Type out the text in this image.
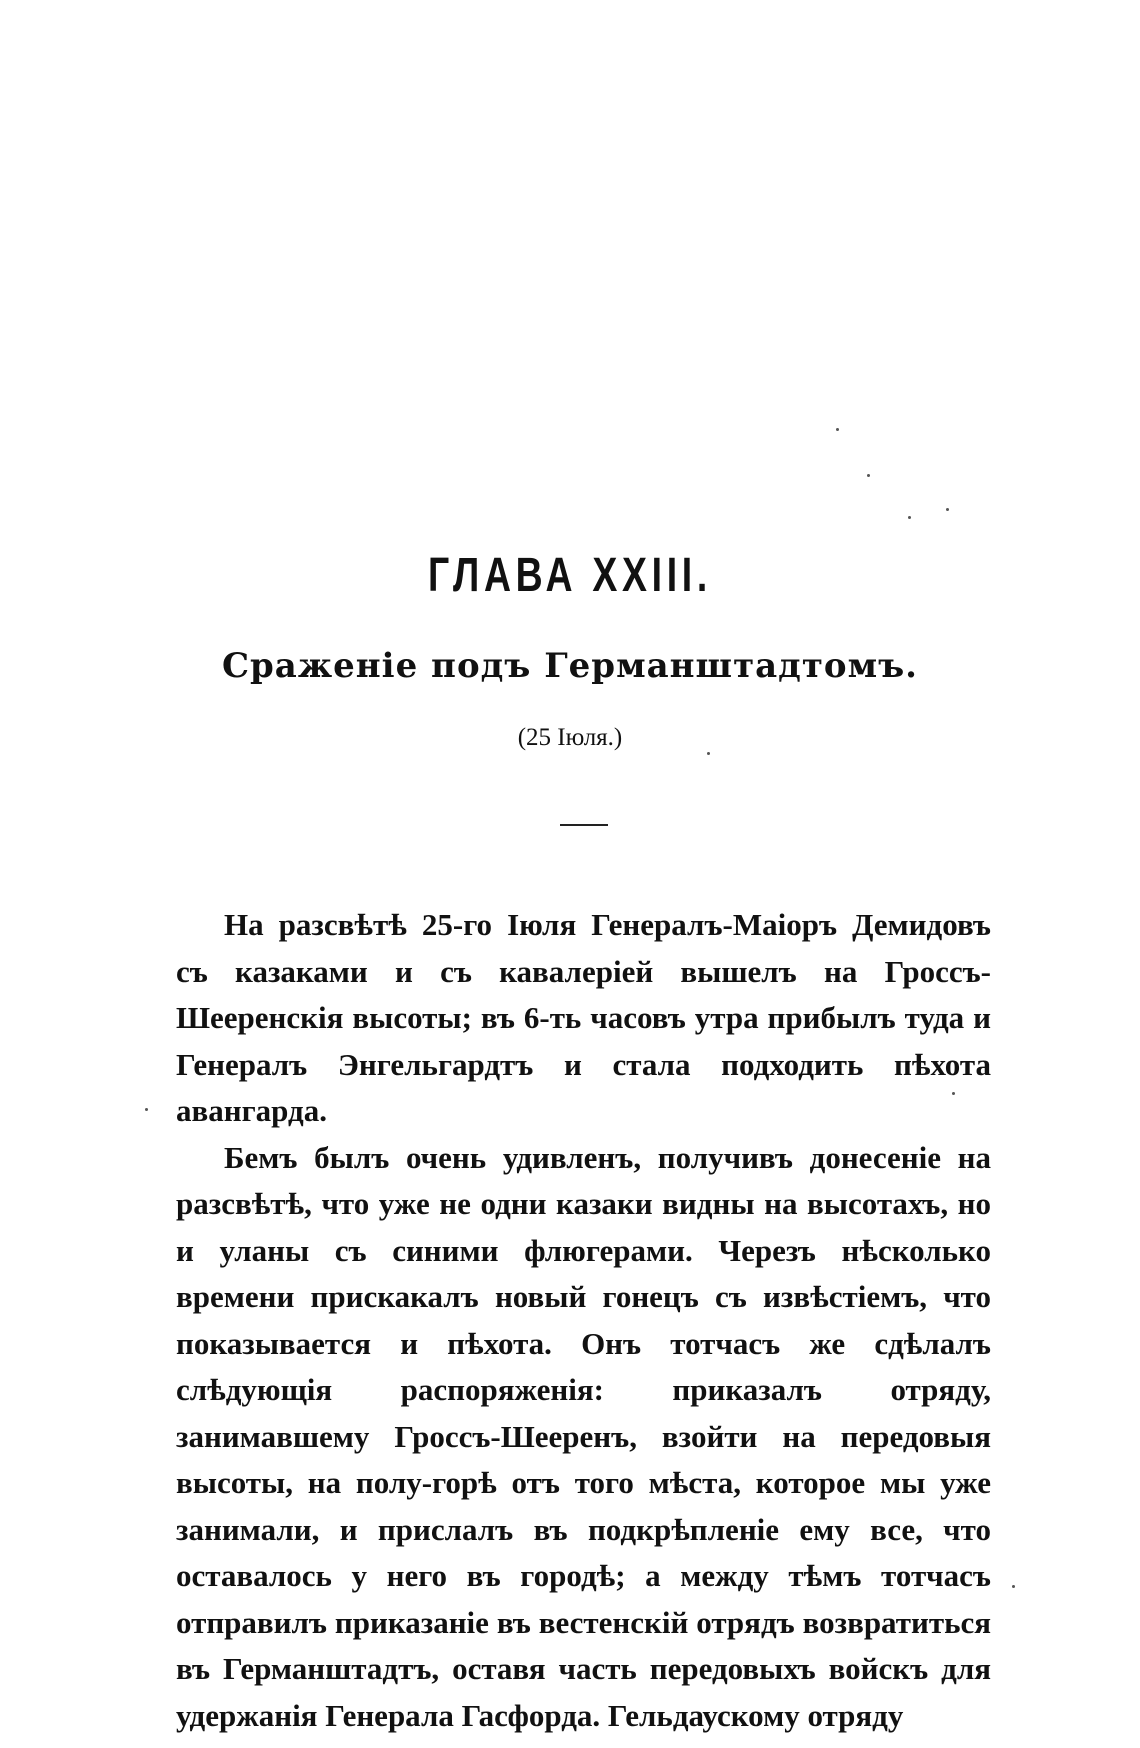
ГЛАВА XXIII.
Сраженіе подъ Германштадтомъ.
(25 Іюля.)

На разсвѣтѣ 25-го Іюля Генералъ-Маіоръ Демидовъ съ казаками и съ кавалеріей вышелъ на Гроссъ-Шееренскія высоты; въ 6-ть часовъ утра прибылъ туда и Генералъ Энгельгардтъ и стала подходить пѣхота авангарда.

Бемъ былъ очень удивленъ, получивъ донесеніе на разсвѣтѣ, что уже не одни казаки видны на высотахъ, но и уланы съ синими флюгерами. Черезъ нѣсколько времени прискакалъ новый гонецъ съ извѣстіемъ, что показывается и пѣхота. Онъ тотчасъ же сдѣлалъ слѣдующія распоряженія: приказалъ отряду, занимавшему Гроссъ-Шееренъ, взойти на передовыя высоты, на полу-горѣ отъ того мѣста, которое мы уже занимали, и прислалъ въ подкрѣпленіе ему все, что оставалось у него въ городѣ; а между тѣмъ тотчасъ отправилъ приказаніе въ вестенскій отрядъ возвратиться въ Германштадтъ, оставя часть передовыхъ войскъ для удержанія Генерала Гасфорда. Гельдаускому отряду
